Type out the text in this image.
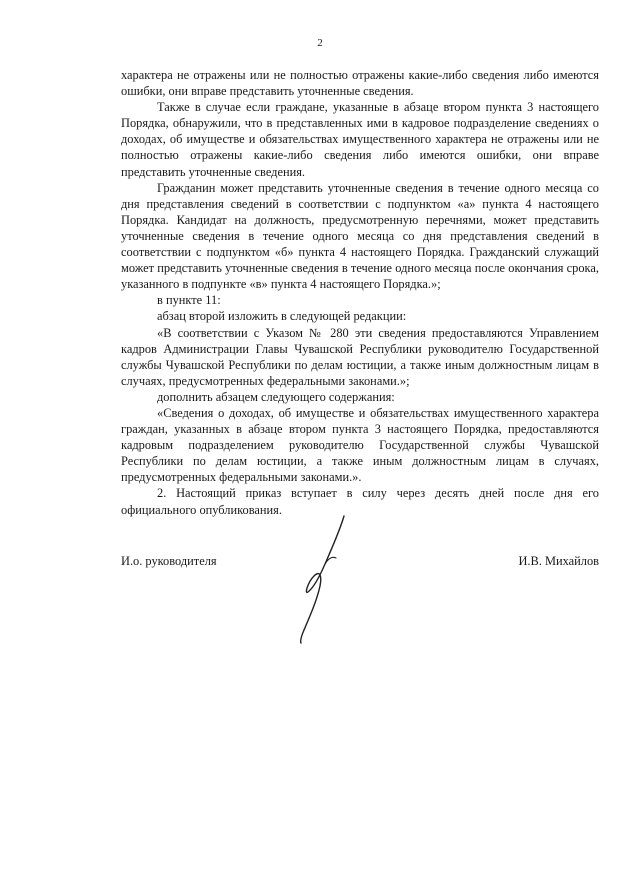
2

характера не отражены или не полностью отражены какие-либо сведения либо имеются ошибки, они вправе представить уточненные сведения.

Также в случае если граждане, указанные в абзаце втором пункта 3 настоящего Порядка, обнаружили, что в представленных ими в кадровое подразделение сведениях о доходах, об имуществе и обязательствах имущественного характера не отражены или не полностью отражены какие-либо сведения либо имеются ошибки, они вправе представить уточненные сведения.

Гражданин может представить уточненные сведения в течение одного месяца со дня представления сведений в соответствии с подпунктом «а» пункта 4 настоящего Порядка. Кандидат на должность, предусмотренную перечнями, может представить уточненные сведения в течение одного месяца со дня представления сведений в соответствии с подпунктом «б» пункта 4 настоящего Порядка. Гражданский служащий может представить уточненные сведения в течение одного месяца после окончания срока, указанного в подпункте «в» пункта 4 настоящего Порядка.»;

в пункте 11:

абзац второй изложить в следующей редакции:

«В соответствии с Указом № 280 эти сведения предоставляются Управлением кадров Администрации Главы Чувашской Республики руководителю Государственной службы Чувашской Республики по делам юстиции, а также иным должностным лицам в случаях, предусмотренных федеральными законами.»;

дополнить абзацем следующего содержания:

«Сведения о доходах, об имуществе и обязательствах имущественного характера граждан, указанных в абзаце втором пункта 3 настоящего Порядка, предоставляются кадровым подразделением руководителю Государственной службы Чувашской Республики по делам юстиции, а также иным должностным лицам в случаях, предусмотренных федеральными законами.».

2. Настоящий приказ вступает в силу через десять дней после дня его официального опубликования.

И.о. руководителя	И.В. Михайлов
